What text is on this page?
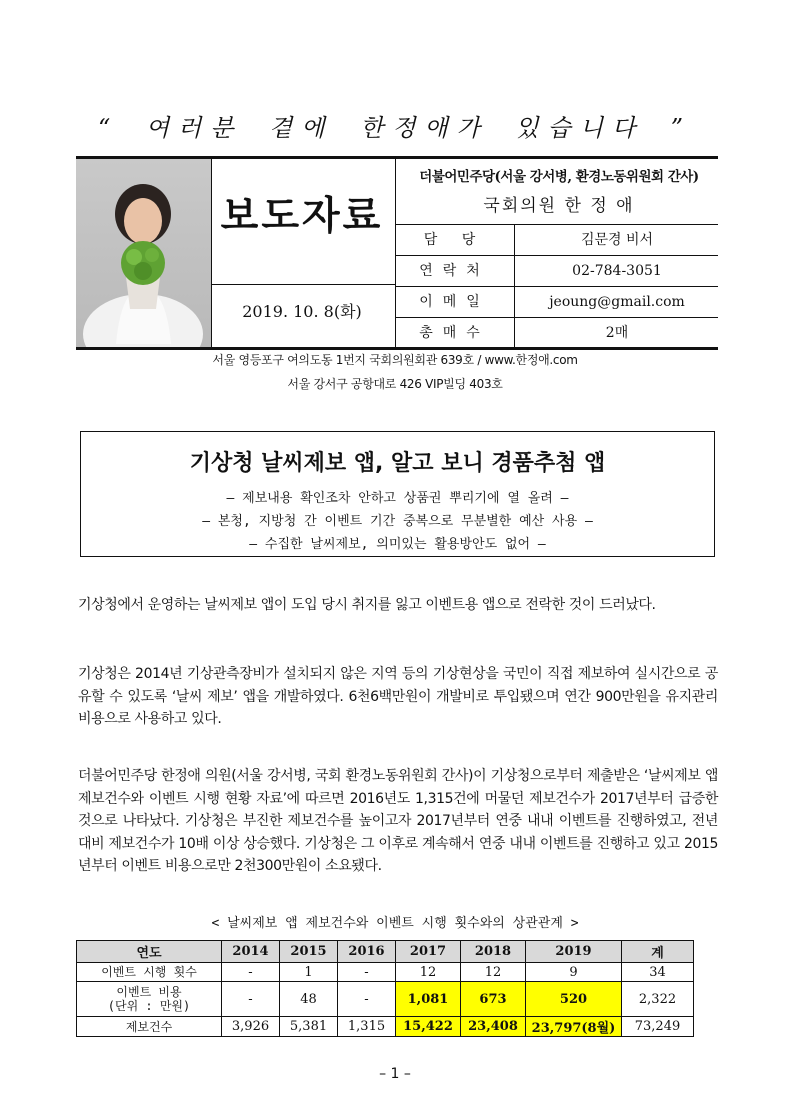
“ 여러분 곁에 한정애가 있습니다 ”
보도자료
2019. 10. 8(화)
더불어민주당(서울 강서병, 환경노동위원회 간사)
국회의원 한 정 애
담 당	김문경 비서
연락처	02-784-3051
이메일	jeoung@gmail.com
총매수	2매
서울 영등포구 여의도동 1번지 국회의원회관 639호 / www.한정애.com
서울 강서구 공항대로 426 VIP빌딩 403호
기상청 날씨제보 앱, 알고 보니 경품추첨 앱
– 제보내용 확인조차 안하고 상품권 뿌리기에 열 올려 –
– 본청, 지방청 간 이벤트 기간 중복으로 무분별한 예산 사용 –
– 수집한 날씨제보, 의미있는 활용방안도 없어 –
기상청에서 운영하는 날씨제보 앱이 도입 당시 취지를 잃고 이벤트용 앱으로 전락한 것이 드러났다.
기상청은 2014년 기상관측장비가 설치되지 않은 지역 등의 기상현상을 국민이 직접 제보하여 실시간으로 공유할 수 있도록 ‘날씨 제보’ 앱을 개발하였다. 6천6백만원이 개발비로 투입됐으며 연간 900만원을 유지관리비용으로 사용하고 있다.
더불어민주당 한정애 의원(서울 강서병, 국회 환경노동위원회 간사)이 기상청으로부터 제출받은 ‘날씨제보 앱 제보건수와 이벤트 시행 현황 자료’에 따르면 2016년도 1,315건에 머물던 제보건수가 2017년부터 급증한 것으로 나타났다. 기상청은 부진한 제보건수를 높이고자 2017년부터 연중 내내 이벤트를 진행하였고, 전년 대비 제보건수가 10배 이상 상승했다. 기상청은 그 이후로 계속해서 연중 내내 이벤트를 진행하고 있고 2015년부터 이벤트 비용으로만 2천300만원이 소요됐다.
< 날씨제보 앱 제보건수와 이벤트 시행 횟수와의 상관관계 >
연도	2014	2015	2016	2017	2018	2019	계
이벤트 시행 횟수	-	1	-	12	12	9	34
이벤트 비용
(단위 : 만원)	-	48	-	1,081	673	520	2,322
제보건수	3,926	5,381	1,315	15,422	23,408	23,797(8월)	73,249
– 1 –
